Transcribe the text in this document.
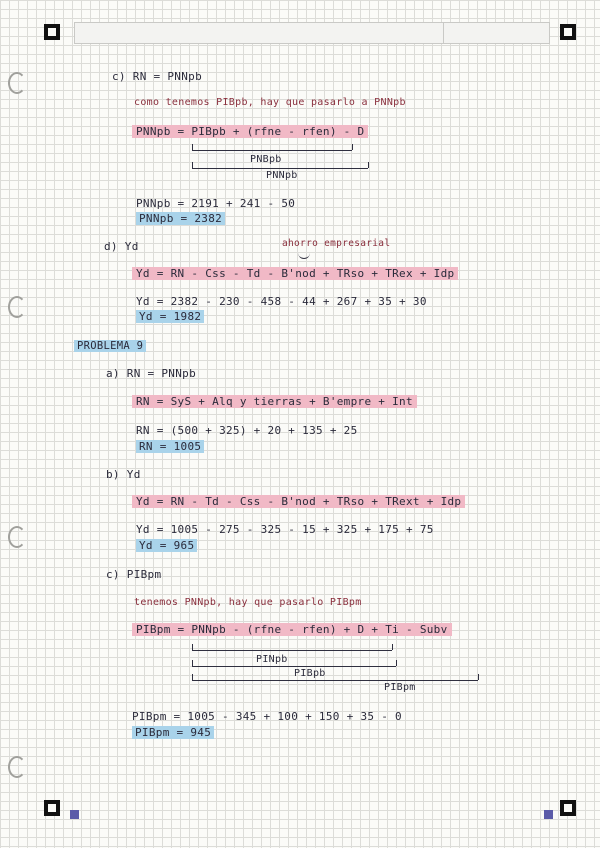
c) RN = PNNpb
como tenemos PIBpb, hay que pasarlo a PNNpb
PNNpb = PIBpb + (rfne - rfen) - D
PNBpb
PNNpb
PNNpb = 2191 + 241 - 50
PNNpb = 2382
d) Yd	ahorro empresarial
Yd = RN - Css - Td - B'nod + TRso + TRex + Idp
Yd = 2382 - 230 - 458 - 44 + 267 + 35 + 30
Yd = 1982
PROBLEMA 9
a) RN = PNNpb
RN = SyS + Alq y tierras + B'empre + Int
RN = (500 + 325) + 20 + 135 + 25
RN = 1005
b) Yd
Yd = RN - Td - Css - B'nod + TRso + TRext + Idp
Yd = 1005 - 275 - 325 - 15 + 325 + 175 + 75
Yd = 965
c) PIBpm
tenemos PNNpb, hay que pasarlo PIBpm
PIBpm = PNNpb - (rfne - rfen) + D + Ti - Subv
PINpb
PIBpb
PIBpm
PIBpm = 1005 - 345 + 100 + 150 + 35 - 0
PIBpm = 945
